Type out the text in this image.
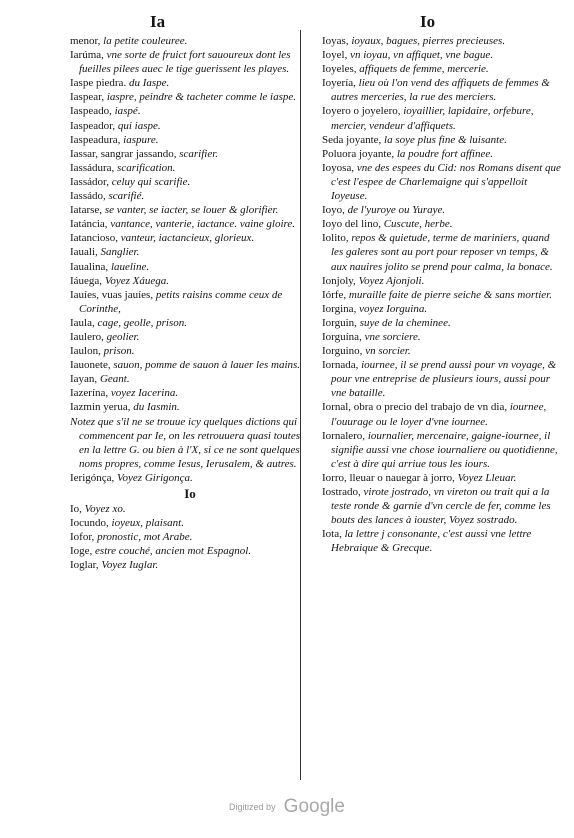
Ia	Io

menor, la petite couleuree.

Iarúma, vne sorte de fruict fort sauoureux dont les fueilles pilees auec le tige guerissent les playes.

Iaspe piedra. du Iaspe.

Iaspear, iaspre, peindre & tacheter comme le iaspe.

Iaspeado, iaspé.

Iaspeador, qui iaspe.

Iaspeadura, iaspure.

Iassar, sangrar jassando, scarifier.

Iassádura, scarification.

Iassádor, celuy qui scarifie.

Iassádo, scarifié.

Iatarse, se vanter, se iacter, se louer & glorifier.

Iatáncia, vantance, vanterie, iactance. vaine gloire.

Iatancioso, vanteur, iactancieux, glorieux.

Iauali, Sanglier.

Iaualina, laueline.

Iáuega, Voyez Xáuega.

Iauíes, vuas jauíes, petits raisins comme ceux de Corinthe,

Iaula, cage, geolle, prison.

Iaulero, geolier.

Iaulon, prison.

Iauonete, sauon, pomme de sauon à lauer les mains.

Iayan, Geant.

Iazerína, voyez Iacerina.

Iazmin yerua, du Iasmin.

Notez que s'il ne se trouue icy quelques dictions qui commencent par Ie, on les retrouuera quasi toutes en la lettre G. ou bien à l'X, si ce ne sont quelques noms propres, comme Iesus, Ierusalem, & autres.

Ierigónça, Voyez Girigonça.

Io

Io, Voyez xo.

Iocundo, ioyeux, plaisant.

Iofor, pronostic, mot Arabe.

Ioge, estre couché, ancien mot Espagnol.

Ioglar, Voyez Iuglar.

Ioyas, ioyaux, bagues, pierres precieuses.

Ioyel, vn ioyau, vn affiquet, vne bague.

Ioyeles, affiquets de femme, mercerie.

Ioyería, lieu où l'on vend des affiquets de femmes & autres merceries, la rue des merciers.

Ioyero o joyelero, ioyaillier, lapidaire, orfebure, mercier, vendeur d'affiquets.

Seda joyante, la soye plus fine & luisante.

Poluora joyante, la poudre fort affinee.

Ioyosa, vne des espees du Cid: nos Romans disent que c'est l'espee de Charlemaigne qui s'appelloit Ioyeuse.

Ioyo, de l'yuroye ou Yuraye.

Ioyo del lino, Cuscute, herbe.

Iolito, repos & quietude, terme de mariniers, quand les galeres sont au port pour reposer vn temps, & aux nauires jolito se prend pour calma, la bonace.

Ionjoly, Voyez Ajonjoli.

Iórfe, muraille faite de pierre seiche & sans mortier.

Iorgina, voyez Iorguina.

Iorguin, suye de la cheminee.

Iorguína, vne sorciere.

Iorguino, vn sorcier.

Iornada, iournee, il se prend aussi pour vn voyage, & pour vne entreprise de plusieurs iours, aussi pour vne bataille.

Iornal, obra o precio del trabajo de vn dia, iournee, l'ouurage ou le loyer d'vne iournee.

Iornalero, iournalier, mercenaire, gaigne-iournee, il signifie aussi vne chose iournaliere ou quotidienne, c'est à dire qui arriue tous les iours.

Iorro, lleuar o nauegar à jorro, Voyez Lleuar.

Iostrado, virote jostrado, vn vireton ou trait qui a la teste ronde & garnie d'vn cercle de fer, comme les bouts des lances à iouster, Voyez sostrado.

Iota, la lettre j consonante, c'est aussi vne lettre Hebraique & Grecque.

Digitized by Google
